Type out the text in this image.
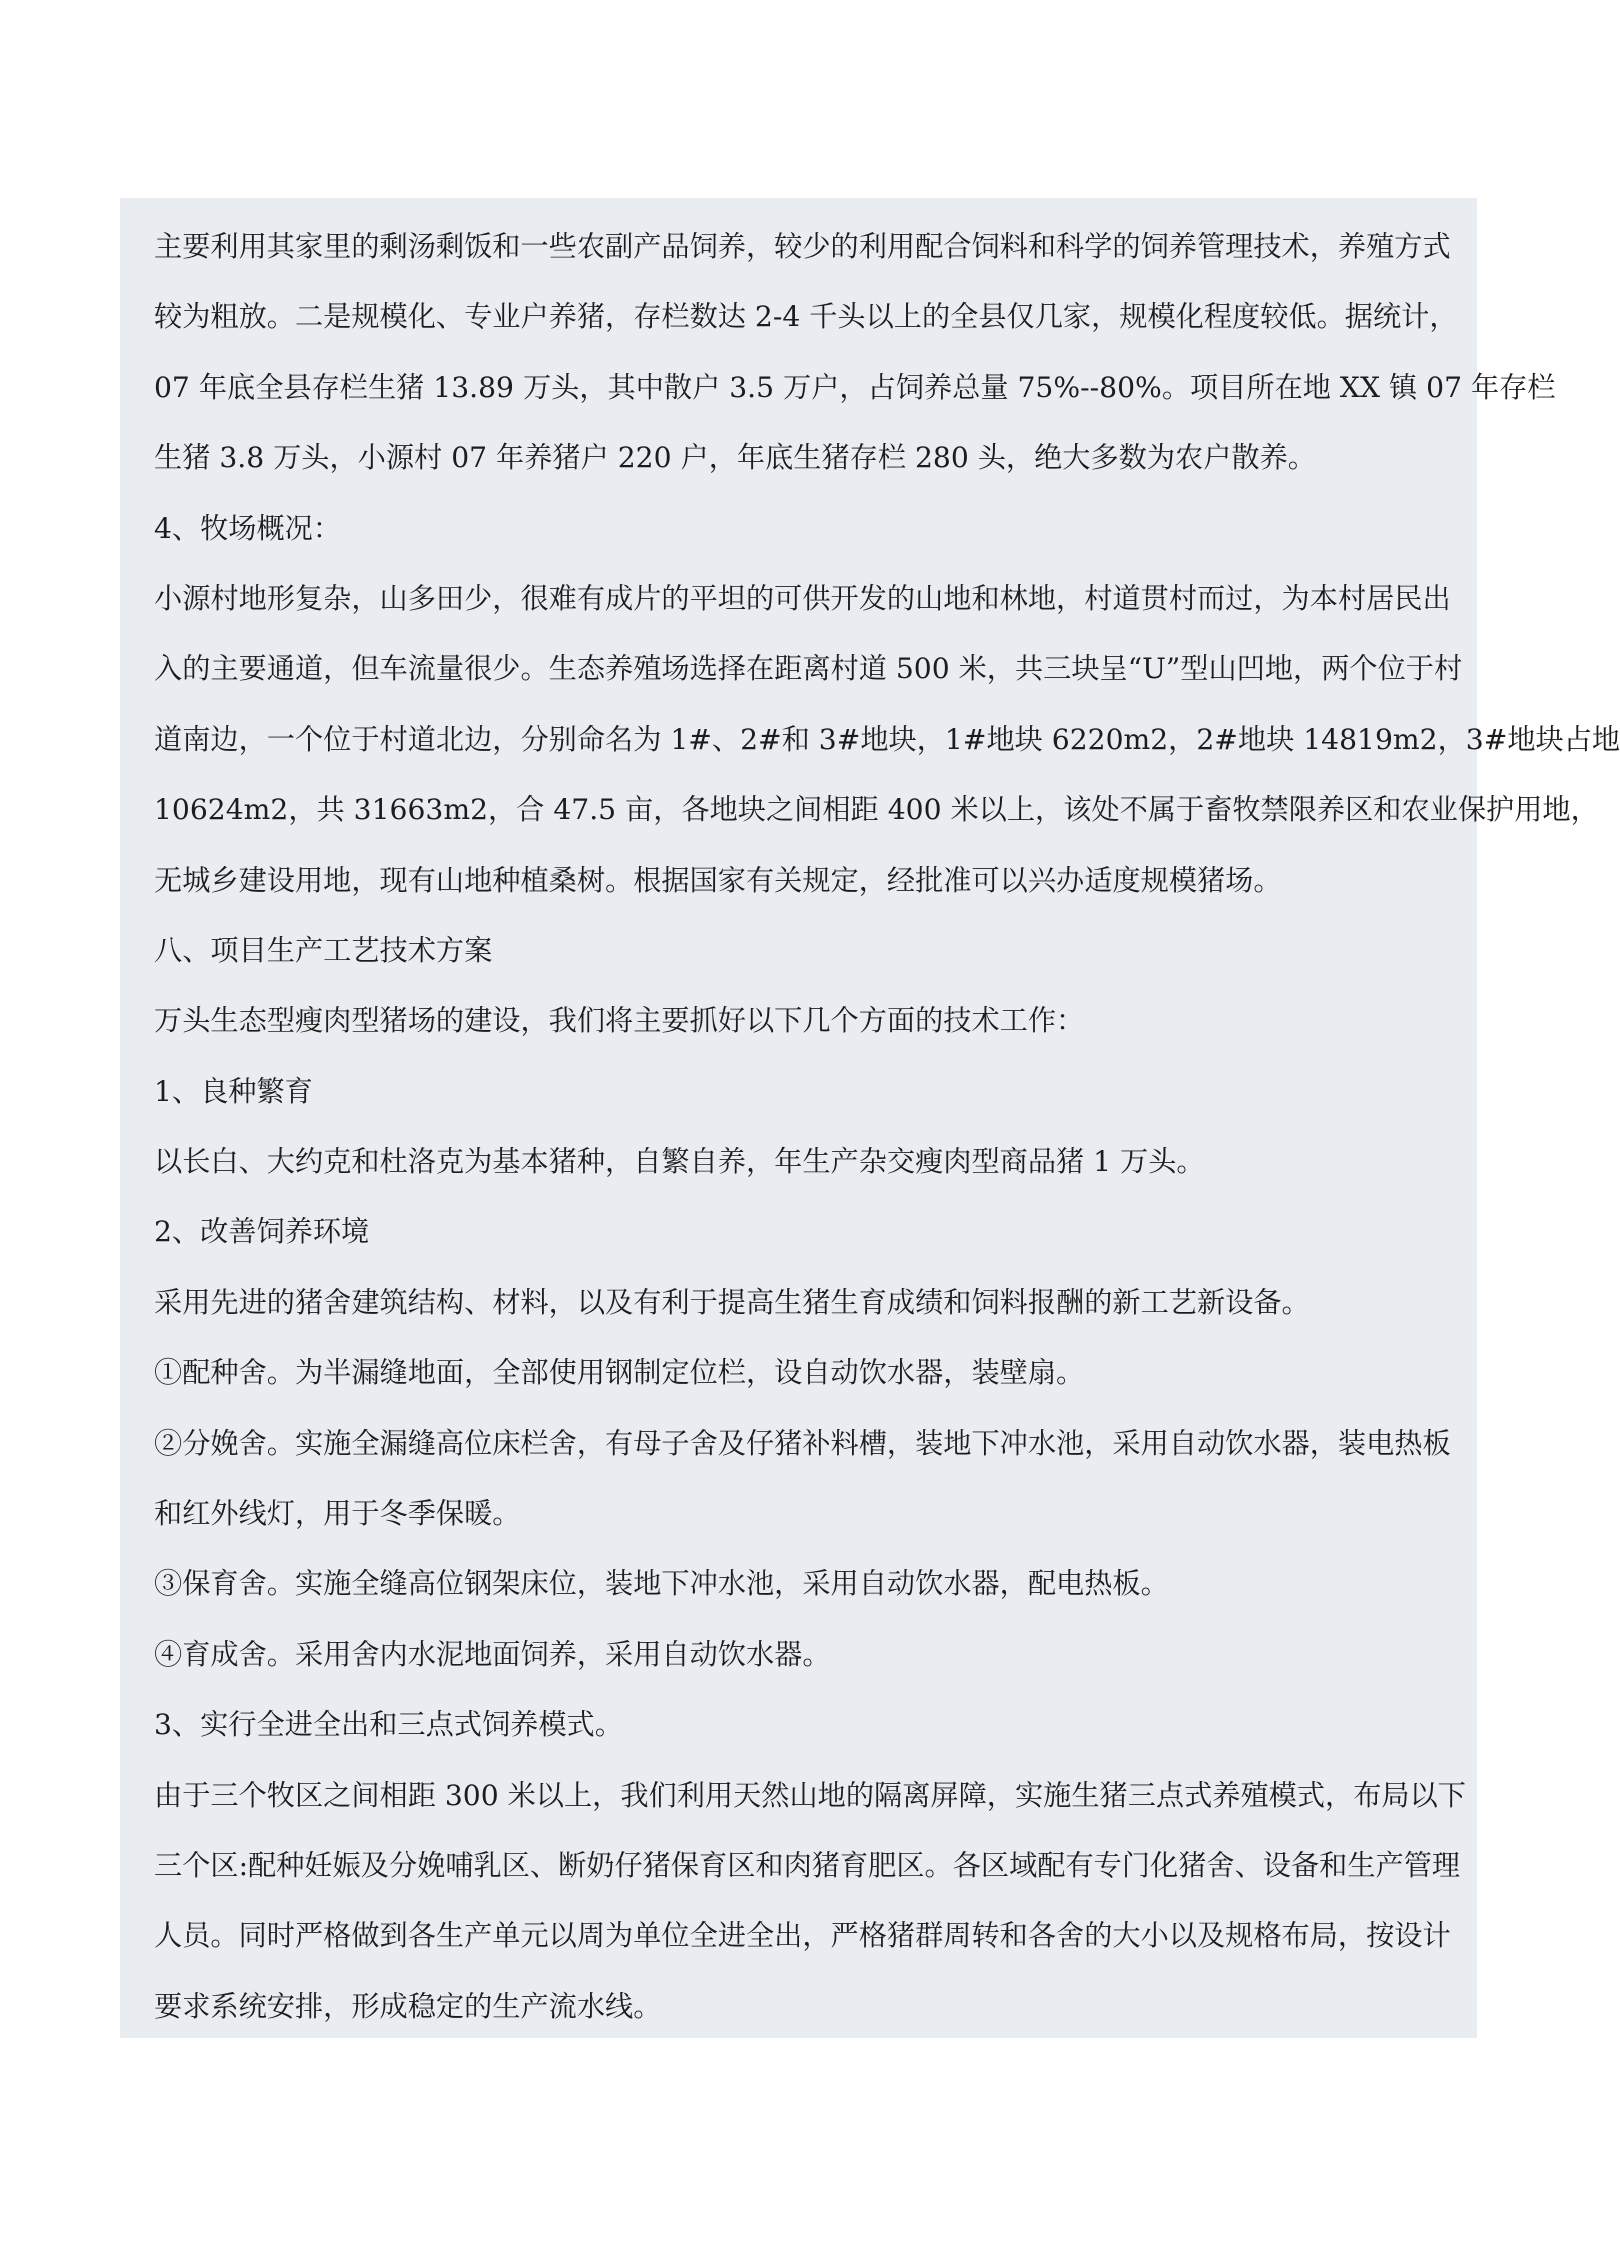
主要利用其家里的剩汤剩饭和一些农副产品饲养，较少的利用配合饲料和科学的饲养管理技术，养殖方式
较为粗放。二是规模化、专业户养猪，存栏数达 2-4 千头以上的全县仅几家，规模化程度较低。据统计，
07 年底全县存栏生猪 13.89 万头，其中散户 3.5 万户，占饲养总量 75%--80%。项目所在地 XX 镇 07 年存栏
生猪 3.8 万头，小源村 07 年养猪户 220 户，年底生猪存栏 280 头，绝大多数为农户散养。
4、牧场概况：
小源村地形复杂，山多田少，很难有成片的平坦的可供开发的山地和林地，村道贯村而过，为本村居民出
入的主要通道，但车流量很少。生态养殖场选择在距离村道 500 米，共三块呈“U”型山凹地，两个位于村
道南边，一个位于村道北边，分别命名为 1#、2#和 3#地块，1#地块 6220m2，2#地块 14819m2，3#地块占地
10624m2，共 31663m2，合 47.5 亩，各地块之间相距 400 米以上，该处不属于畜牧禁限养区和农业保护用地，
无城乡建设用地，现有山地种植桑树。根据国家有关规定，经批准可以兴办适度规模猪场。
八、项目生产工艺技术方案
万头生态型瘦肉型猪场的建设，我们将主要抓好以下几个方面的技术工作：
1、良种繁育
以长白、大约克和杜洛克为基本猪种，自繁自养，年生产杂交瘦肉型商品猪 1 万头。
2、改善饲养环境
采用先进的猪舍建筑结构、材料，以及有利于提高生猪生育成绩和饲料报酬的新工艺新设备。
①配种舍。为半漏缝地面，全部使用钢制定位栏，设自动饮水器，装壁扇。
②分娩舍。实施全漏缝高位床栏舍，有母子舍及仔猪补料槽，装地下冲水池，采用自动饮水器，装电热板
和红外线灯，用于冬季保暖。
③保育舍。实施全缝高位钢架床位，装地下冲水池，采用自动饮水器，配电热板。
④育成舍。采用舍内水泥地面饲养，采用自动饮水器。
3、实行全进全出和三点式饲养模式。
由于三个牧区之间相距 300 米以上，我们利用天然山地的隔离屏障，实施生猪三点式养殖模式，布局以下
三个区:配种妊娠及分娩哺乳区、断奶仔猪保育区和肉猪育肥区。各区域配有专门化猪舍、设备和生产管理
人员。同时严格做到各生产单元以周为单位全进全出，严格猪群周转和各舍的大小以及规格布局，按设计
要求系统安排，形成稳定的生产流水线。
